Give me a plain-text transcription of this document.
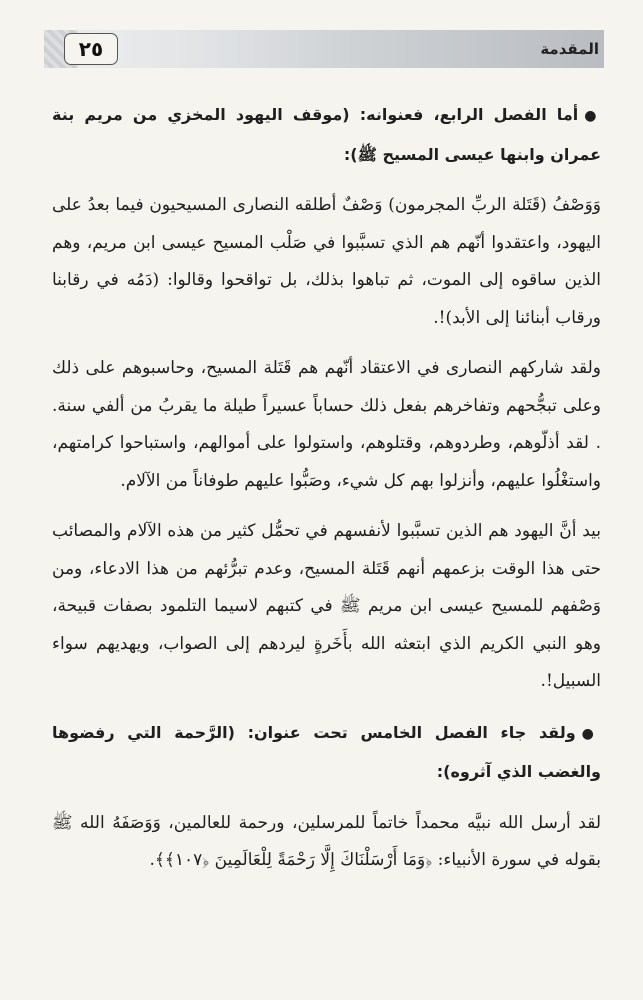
٢٥	المقدمة

●أما الفصل الرابع، فعنوانه: (موقف اليهود المخزي من مريم بنة عمران وابنها عيسى المسيح ﷺ):

وَوَصْفُ (قَتَلة الربِّ المجرمون) وَصْفٌ أطلقه النصارى المسيحيون فيما بعدُ على اليهود، واعتقدوا أنّهم هم الذي تسبَّبوا في صَلْب المسيح عيسى ابن مريم، وهم الذين ساقوه إلى الموت، ثم تباهوا بذلك، بل تواقحوا وقالوا: (دَمُه في رقابنا ورقاب أبنائنا إلى الأبد)!.

ولقد شاركهم النصارى في الاعتقاد أنّهم هم قَتَلة المسيح، وحاسبوهم على ذلك وعلى تبجُّحهم وتفاخرهم بفعل ذلك حساباً عسيراً طيلة ما يقربُ من ألفي سنة. . لقد أذلّوهم، وطردوهم، وقتلوهم، واستولوا على أموالهم، واستباحوا كرامتهم، واستغْلُوا عليهم، وأنزلوا بهم كل شيء، وصَبُّوا عليهم طوفاناً من الآلام.

بيد أنَّ اليهود هم الذين تسبَّبوا لأنفسهم في تحمُّل كثير من هذه الآلام والمصائب حتى هذا الوقت بزعمهم أنهم قَتَلة المسيح، وعدم تبرُّئهم من هذا الادعاء، ومن وَصْفهم للمسيح عيسى ابن مريم ﷺ في كتبهم لاسيما التلمود بصفات قبيحة، وهو النبي الكريم الذي ابتعثه الله بأَخَرةٍ ليردهم إلى الصواب، ويهديهم سواء السبيل!.

●ولقد جاء الفصل الخامس تحت عنوان: (الرَّحمة التي رفضوها والغضب الذي آثروه):

لقد أرسل الله نبيَّه محمداً خاتماً للمرسلين، ورحمة للعالمين، وَوَصَفَهُ الله ﷺ بقوله في سورة الأنبياء: ﴿وَمَا أَرْسَلْنَاكَ إِلَّا رَحْمَةً لِلْعَالَمِينَ ﴿١٠٧﴾﴾.
